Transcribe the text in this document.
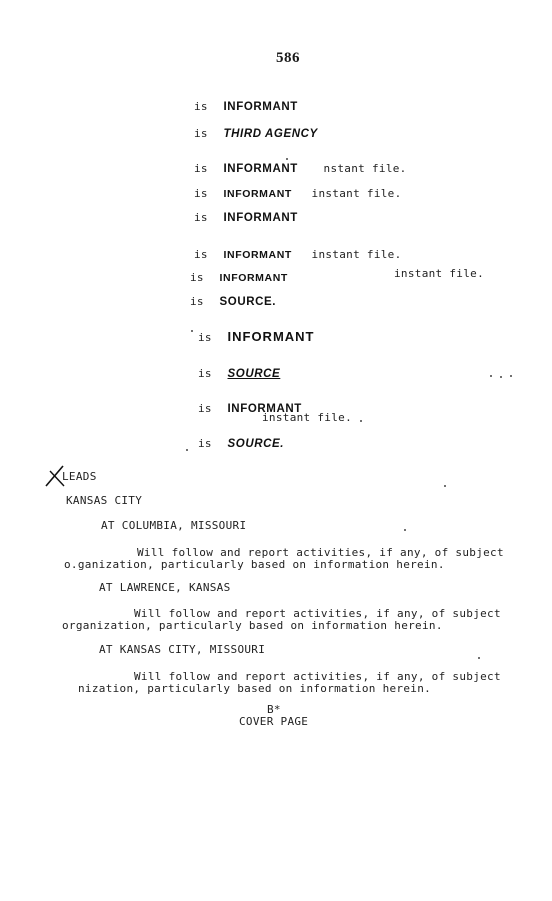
586
is INFORMANT
is THIRD AGENCY
is INFORMANT nstant file.
is INFORMANT instant file.
is INFORMANT
is INFORMANT instant file.
is INFORMANT	instant file.
is SOURCE.
is INFORMANT
is SOURCE
is INFORMANT
instant file.
is SOURCE.
LEADS
KANSAS CITY
AT COLUMBIA, MISSOURI
Will follow and report activities, if any, of subject
o.ganization, particularly based on information herein.
AT LAWRENCE, KANSAS
Will follow and report activities, if any, of subject
organization, particularly based on information herein.
AT KANSAS CITY, MISSOURI
Will follow and report activities, if any, of subject
nization, particularly based on information herein.
B*
COVER PAGE
